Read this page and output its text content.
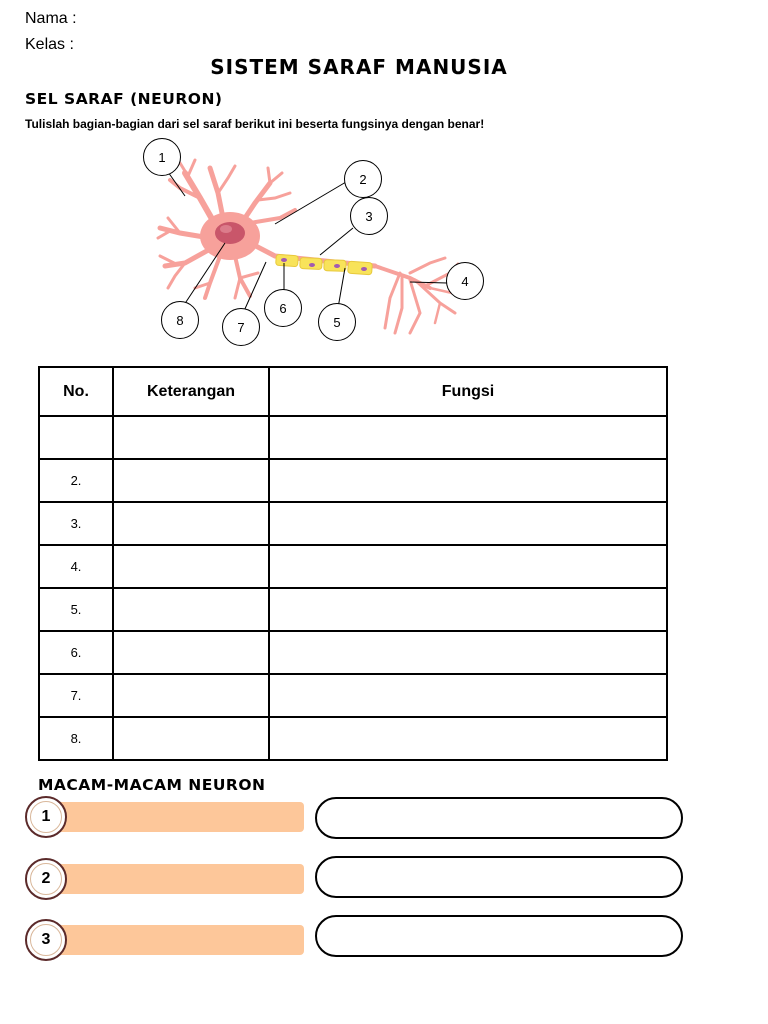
Nama :
Kelas :
SISTEM SARAF MANUSIA
SEL SARAF (NEURON)
Tulislah bagian-bagian dari sel saraf berikut ini beserta fungsinya dengan benar!
1
2
3
4
5
6
7
8
No.	Keterangan	Fungsi

2.		
3.		
4.		
5.		
6.		
7.		
8.		
MACAM-MACAM NEURON
1
2
3
